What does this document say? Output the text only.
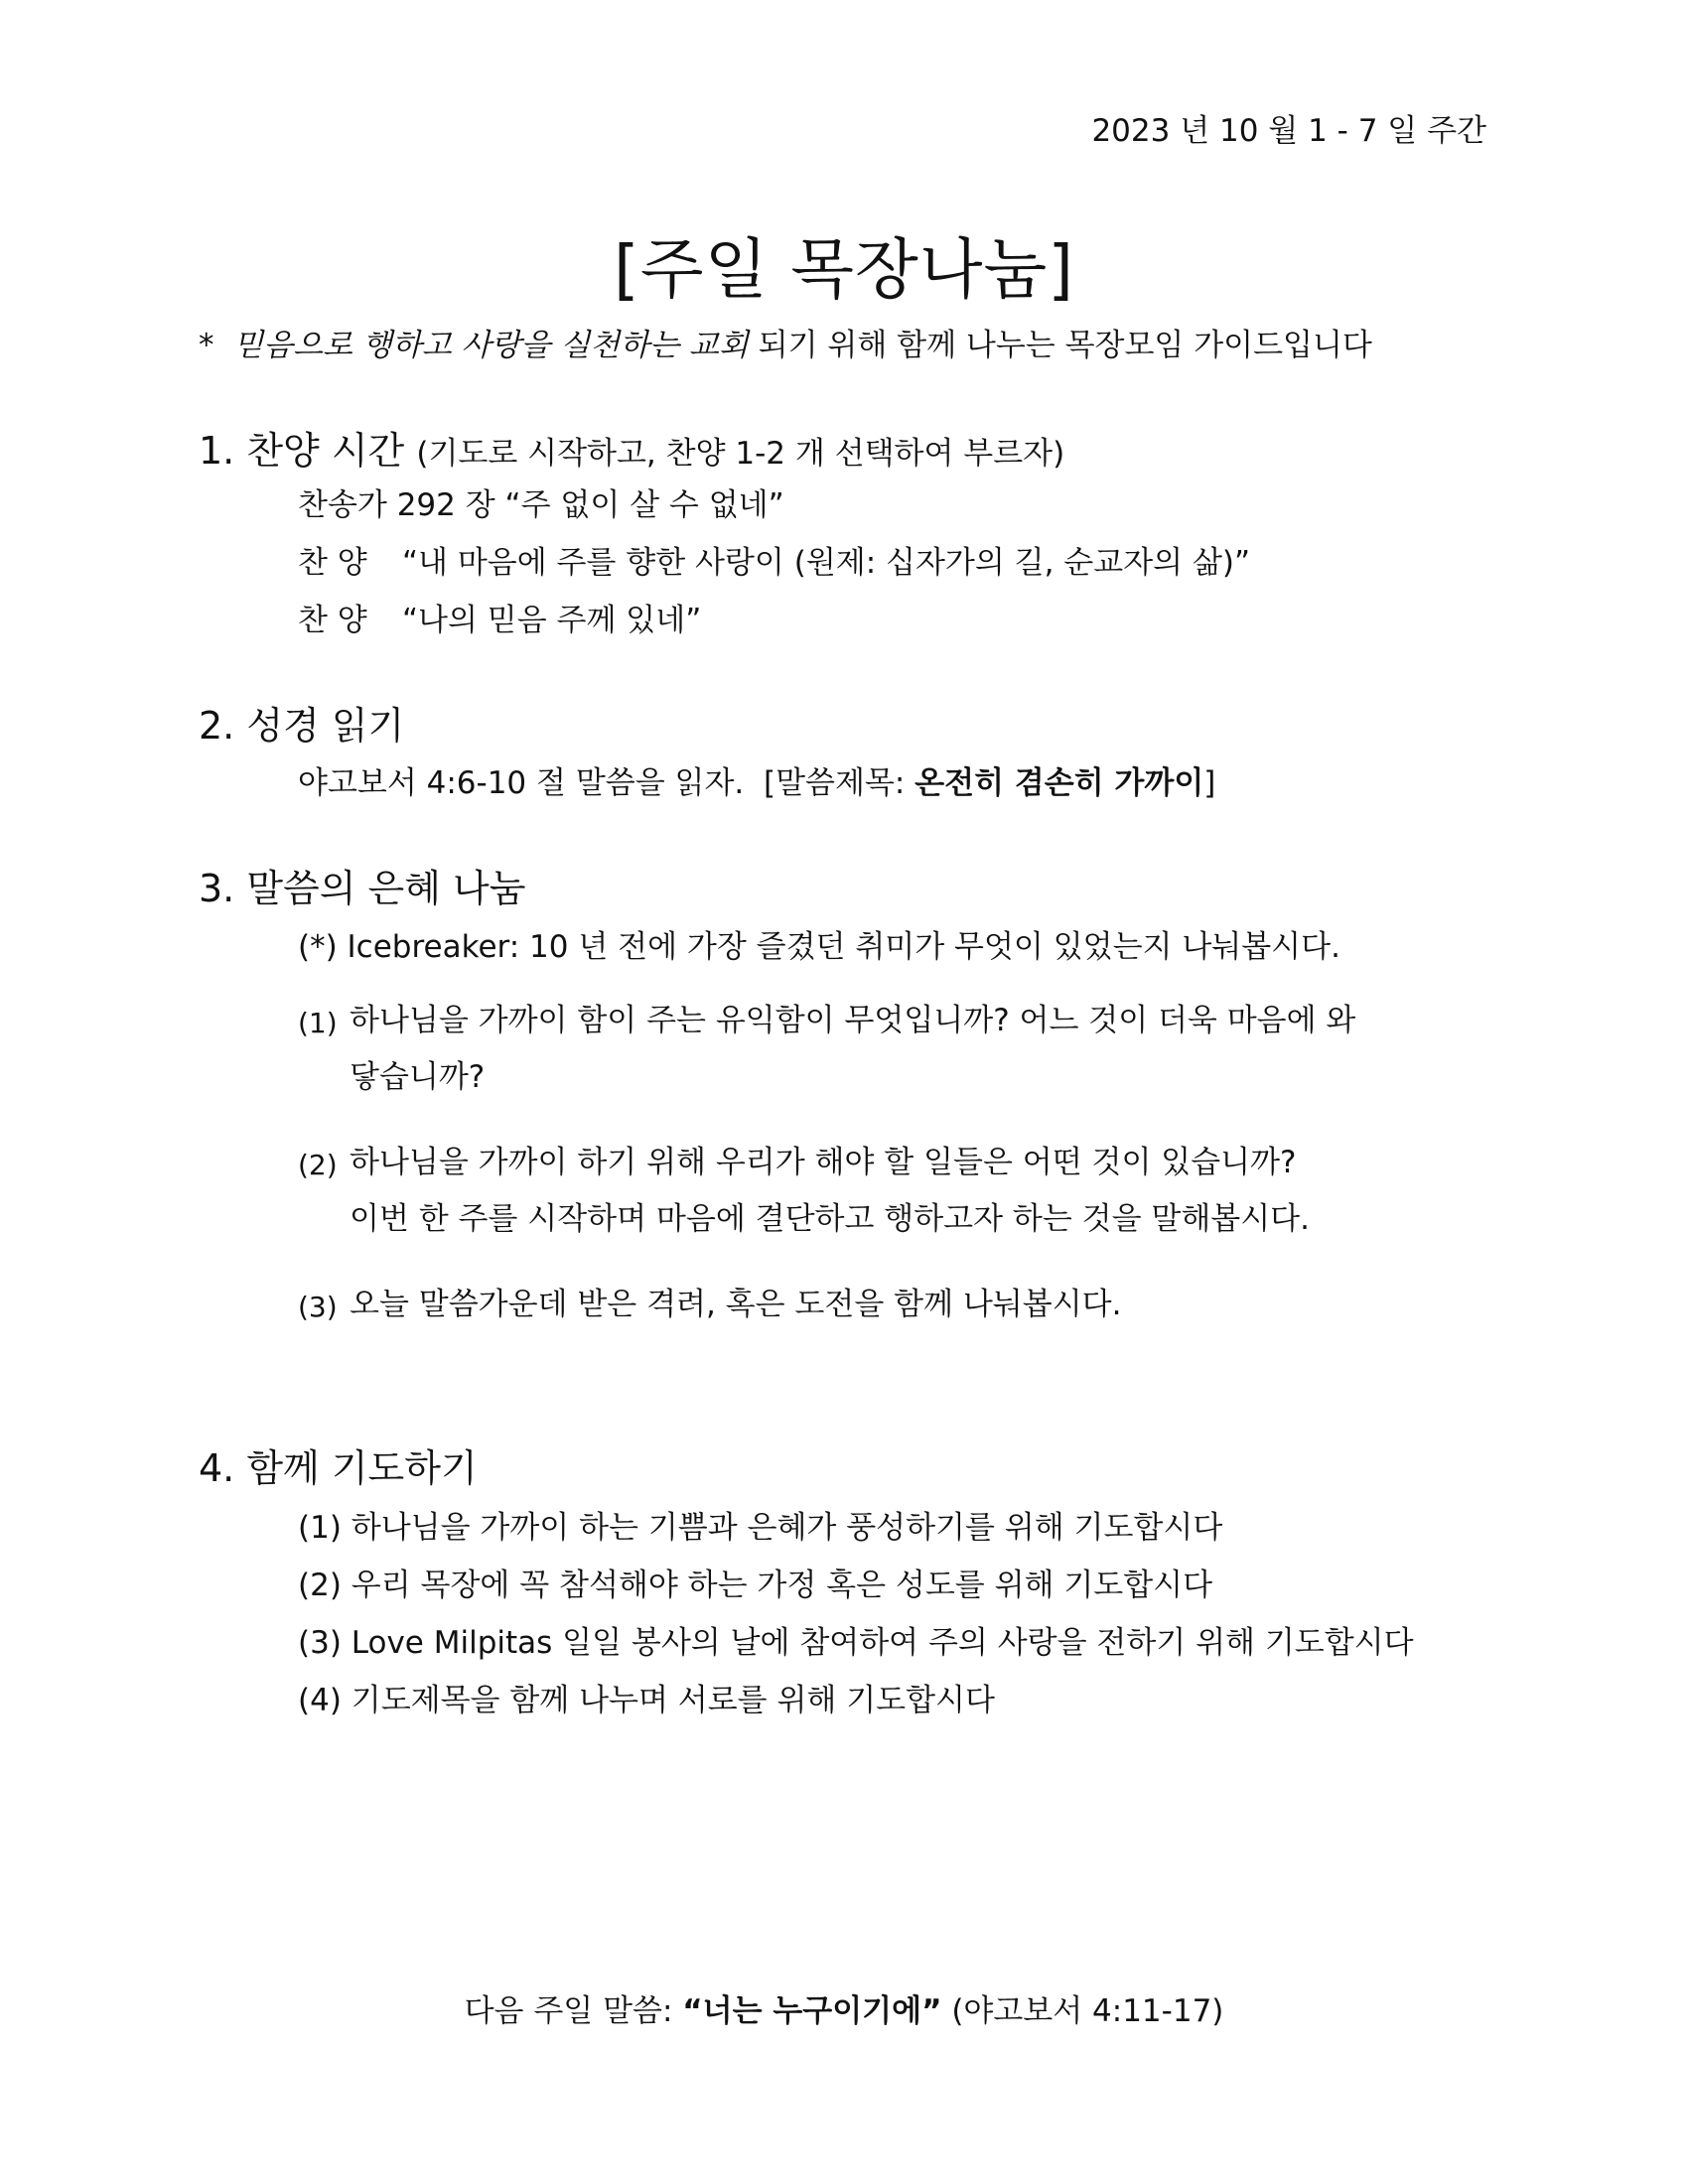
2023 년 10 월 1 - 7 일 주간
[주일 목장나눔]
* 믿음으로 행하고 사랑을 실천하는 교회 되기 위해 함께 나누는 목장모임 가이드입니다
1. 찬양 시간 (기도로 시작하고, 찬양 1-2 개 선택하여 부르자)
찬송가 292 장 “주 없이 살 수 없네”
찬 양 “내 마음에 주를 향한 사랑이 (원제: 십자가의 길, 순교자의 삶)”
찬 양 “나의 믿음 주께 있네”
2. 성경 읽기
야고보서 4:6-10 절 말씀을 읽자. [말씀제목: 온전히 겸손히 가까이]
3. 말씀의 은혜 나눔
(*) Icebreaker: 10 년 전에 가장 즐겼던 취미가 무엇이 있었는지 나눠봅시다.
(1) 하나님을 가까이 함이 주는 유익함이 무엇입니까? 어느 것이 더욱 마음에 와
닿습니까?
(2) 하나님을 가까이 하기 위해 우리가 해야 할 일들은 어떤 것이 있습니까?
이번 한 주를 시작하며 마음에 결단하고 행하고자 하는 것을 말해봅시다.
(3) 오늘 말씀가운데 받은 격려, 혹은 도전을 함께 나눠봅시다.
4. 함께 기도하기
(1) 하나님을 가까이 하는 기쁨과 은혜가 풍성하기를 위해 기도합시다
(2) 우리 목장에 꼭 참석해야 하는 가정 혹은 성도를 위해 기도합시다
(3) Love Milpitas 일일 봉사의 날에 참여하여 주의 사랑을 전하기 위해 기도합시다
(4) 기도제목을 함께 나누며 서로를 위해 기도합시다
다음 주일 말씀: “너는 누구이기에” (야고보서 4:11-17)
